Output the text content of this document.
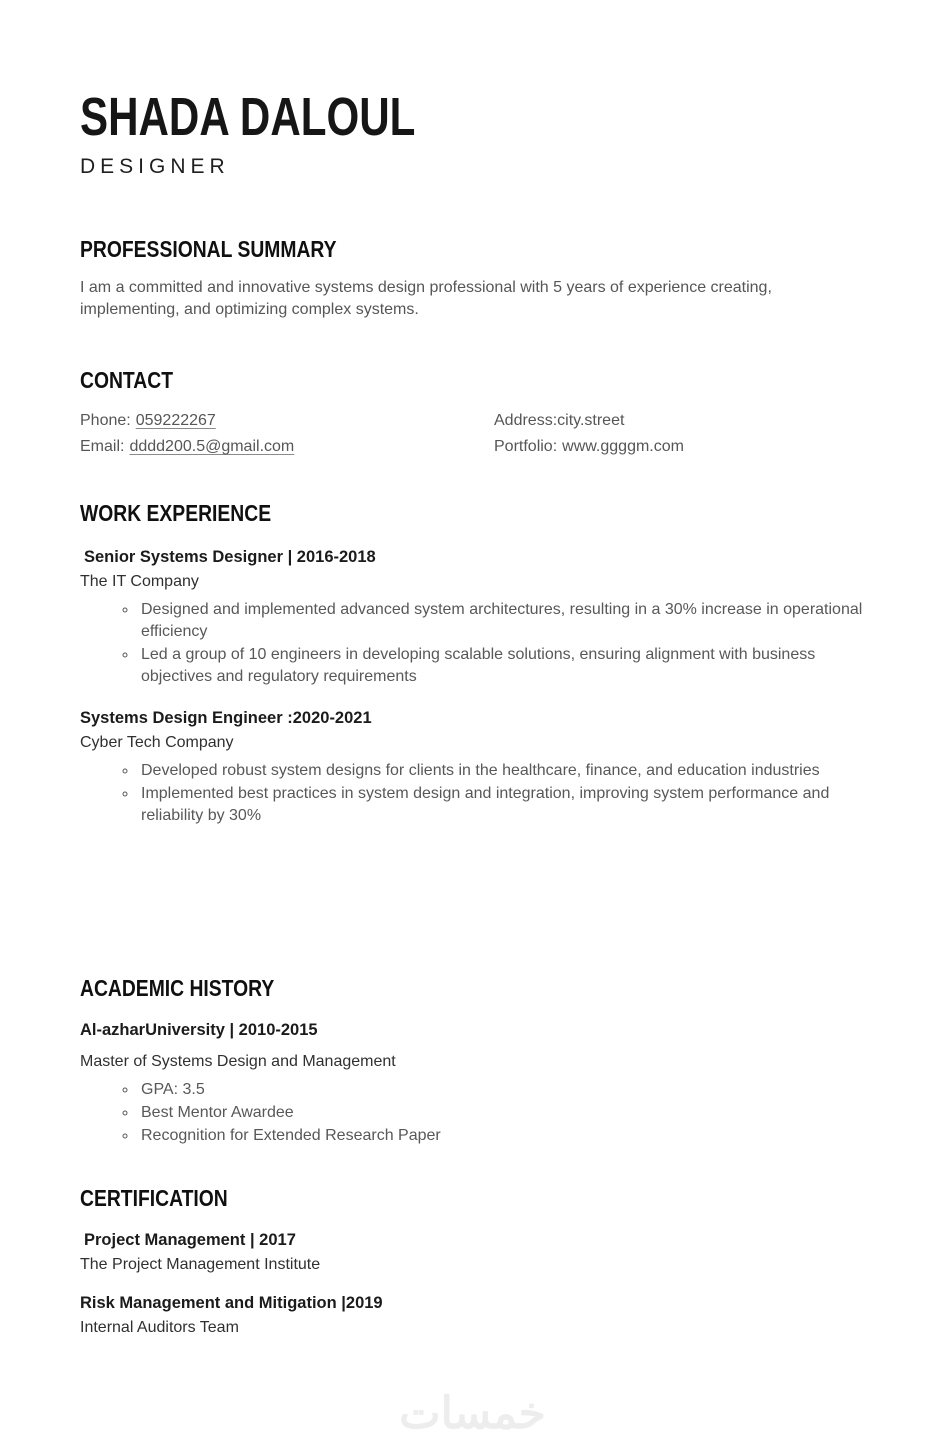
SHADA DALOUL
DESIGNER
PROFESSIONAL SUMMARY

I am a committed and innovative systems design professional with 5 years of experience creating, implementing, and optimizing complex systems.

CONTACT
Phone: 059222267	Address:city.street
Email: dddd200.5@gmail.com	Portfolio: www.ggggm.com
WORK EXPERIENCE
Senior Systems Designer | 2016-2018
The IT Company
◦ Designed and implemented advanced system architectures, resulting in a 30% increase in operational efficiency
◦ Led a group of 10 engineers in developing scalable solutions, ensuring alignment with business objectives and regulatory requirements
Systems Design Engineer :2020-2021
Cyber Tech Company
◦ Developed robust system designs for clients in the healthcare, finance, and education industries
◦ Implemented best practices in system design and integration, improving system performance and reliability by 30%
ACADEMIC HISTORY
Al-azharUniversity | 2010-2015
Master of Systems Design and Management
◦ GPA: 3.5
◦ Best Mentor Awardee
◦ Recognition for Extended Research Paper
CERTIFICATION
Project Management | 2017
The Project Management Institute
Risk Management and Mitigation |2019
Internal Auditors Team
خمسات
